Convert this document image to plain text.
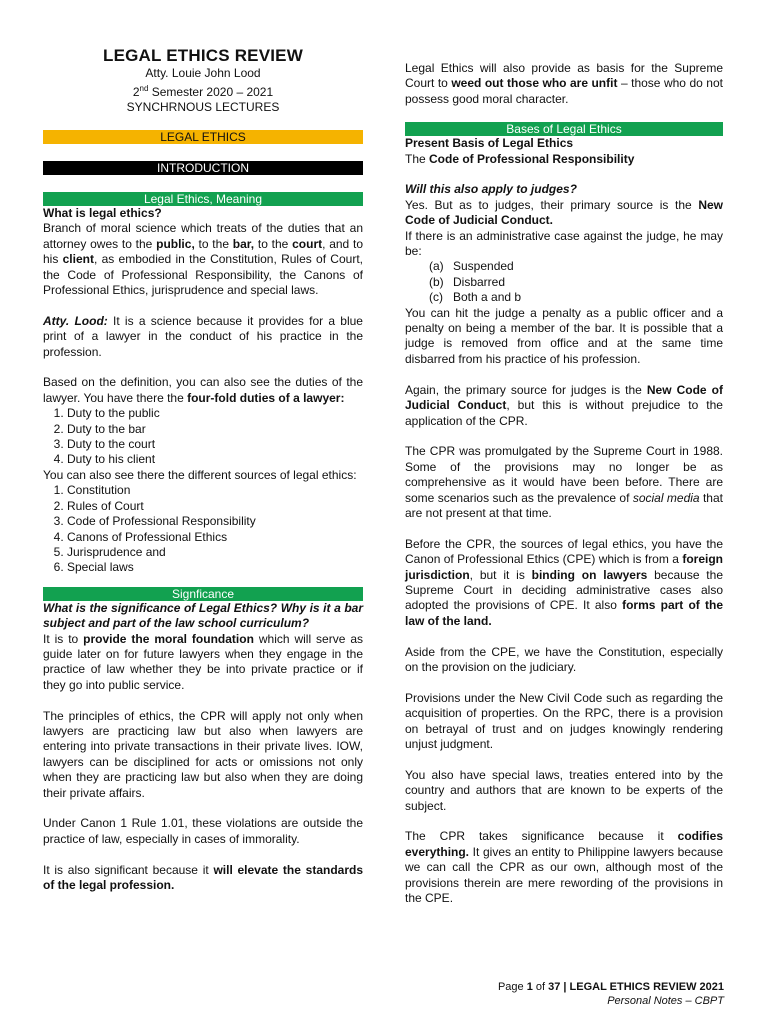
LEGAL ETHICS REVIEW
Atty. Louie John Lood
2nd Semester 2020 – 2021
SYNCHRNOUS LECTURES
LEGAL ETHICS
INTRODUCTION
Legal Ethics, Meaning

What is legal ethics?

Branch of moral science which treats of the duties that an attorney owes to the public, to the bar, to the court, and to his client, as embodied in the Constitution, Rules of Court, the Code of Professional Responsibility, the Canons of Professional Ethics, jurisprudence and special laws.

Atty. Lood: It is a science because it provides for a blue print of a lawyer in the conduct of his practice in the profession.

Based on the definition, you can also see the duties of the lawyer. You have there the four-fold duties of a lawyer:

1. Duty to the public
2. Duty to the bar
3. Duty to the court
4. Duty to his client

You can also see there the different sources of legal ethics:

1. Constitution
2. Rules of Court
3. Code of Professional Responsibility
4. Canons of Professional Ethics
5. Jurisprudence and
6. Special laws
Signficance

What is the significance of Legal Ethics? Why is it a bar subject and part of the law school curriculum?

It is to provide the moral foundation which will serve as guide later on for future lawyers when they engage in the practice of law whether they be into private practice or if they go into public service.

The principles of ethics, the CPR will apply not only when lawyers are practicing law but also when lawyers are entering into private transactions in their private lives. IOW, lawyers can be disciplined for acts or omissions not only when they are practicing law but also when they are doing their private affairs.

Under Canon 1 Rule 1.01, these violations are outside the practice of law, especially in cases of immorality.

It is also significant because it will elevate the standards of the legal profession.

Legal Ethics will also provide as basis for the Supreme Court to weed out those who are unfit – those who do not possess good moral character.

Bases of Legal Ethics

Present Basis of Legal Ethics

The Code of Professional Responsibility

Will this also apply to judges?

Yes. But as to judges, their primary source is the New Code of Judicial Conduct.

If there is an administrative case against the judge, he may be:

(a) Suspended
(b) Disbarred
(c) Both a and b

You can hit the judge a penalty as a public officer and a penalty on being a member of the bar. It is possible that a judge is removed from office and at the same time disbarred from his practice of his profession.

Again, the primary source for judges is the New Code of Judicial Conduct, but this is without prejudice to the application of the CPR.

The CPR was promulgated by the Supreme Court in 1988. Some of the provisions may no longer be as comprehensive as it would have been before. There are some scenarios such as the prevalence of social media that are not present at that time.

Before the CPR, the sources of legal ethics, you have the Canon of Professional Ethics (CPE) which is from a foreign jurisdiction, but it is binding on lawyers because the Supreme Court in deciding administrative cases also adopted the provisions of CPE. It also forms part of the law of the land.

Aside from the CPE, we have the Constitution, especially on the provision on the judiciary.

Provisions under the New Civil Code such as regarding the acquisition of properties. On the RPC, there is a provision on betrayal of trust and on judges knowingly rendering unjust judgment.

You also have special laws, treaties entered into by the country and authors that are known to be experts of the subject.

The CPR takes significance because it codifies everything. It gives an entity to Philippine lawyers because we can call the CPR as our own, although most of the provisions therein are mere rewording of the provisions in the CPE.

Page 1 of 37 | LEGAL ETHICS REVIEW 2021
Personal Notes – CBPT
